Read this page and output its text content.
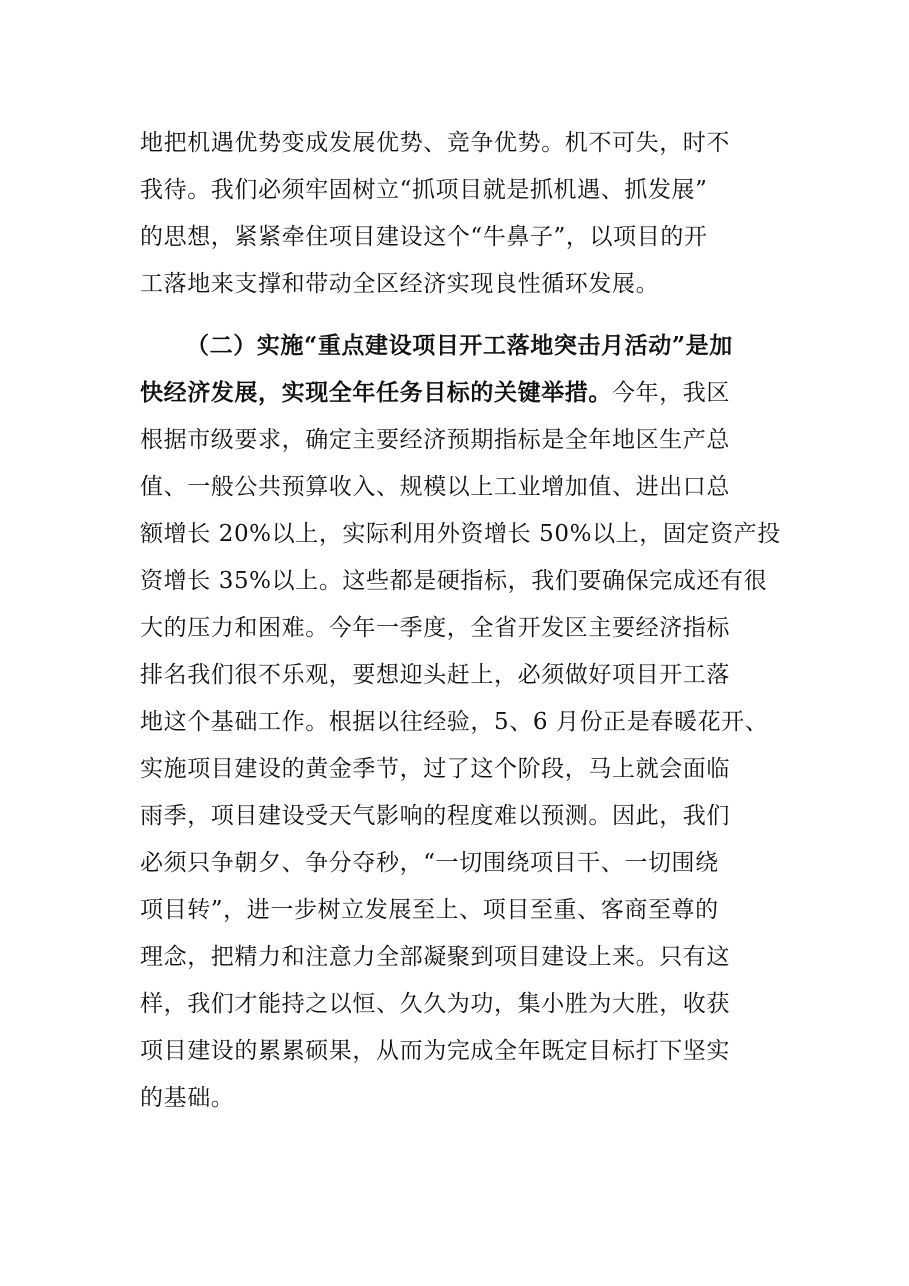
地把机遇优势变成发展优势、竞争优势。机不可失，时不
我待。我们必须牢固树立“抓项目就是抓机遇、抓发展”
的思想，紧紧牵住项目建设这个“牛鼻子”，以项目的开
工落地来支撑和带动全区经济实现良性循环发展。
（二）实施“重点建设项目开工落地突击月活动”是加
快经济发展，实现全年任务目标的关键举措。今年，我区
根据市级要求，确定主要经济预期指标是全年地区生产总
值、一般公共预算收入、规模以上工业增加值、进出口总
额增长 20%以上，实际利用外资增长 50%以上，固定资产投
资增长 35%以上。这些都是硬指标，我们要确保完成还有很
大的压力和困难。今年一季度，全省开发区主要经济指标
排名我们很不乐观，要想迎头赶上，必须做好项目开工落
地这个基础工作。根据以往经验，5、6 月份正是春暖花开、
实施项目建设的黄金季节，过了这个阶段，马上就会面临
雨季，项目建设受天气影响的程度难以预测。因此，我们
必须只争朝夕、争分夺秒，“一切围绕项目干、一切围绕
项目转”，进一步树立发展至上、项目至重、客商至尊的
理念，把精力和注意力全部凝聚到项目建设上来。只有这
样，我们才能持之以恒、久久为功，集小胜为大胜，收获
项目建设的累累硕果，从而为完成全年既定目标打下坚实
的基础。
